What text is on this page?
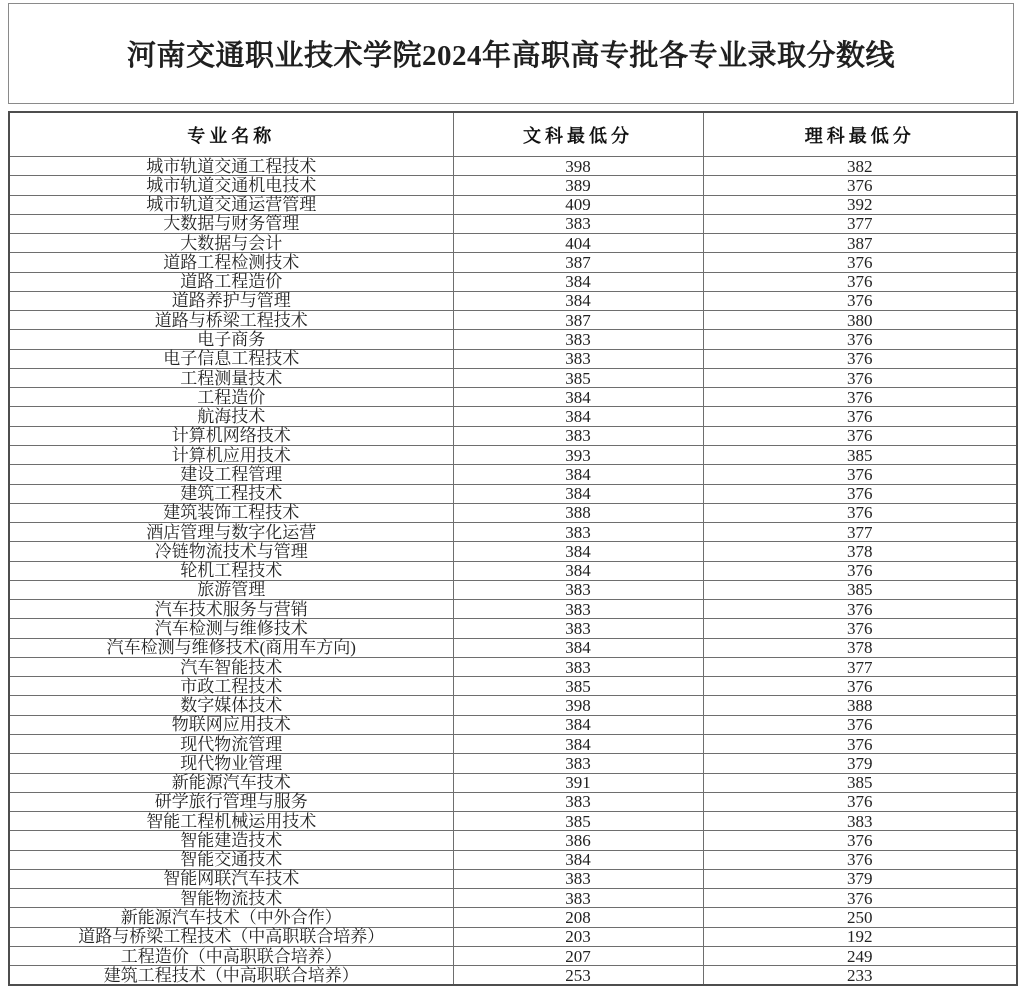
河南交通职业技术学院2024年高职高专批各专业录取分数线
专业名称	文科最低分	理科最低分
城市轨道交通工程技术	398	382
城市轨道交通机电技术	389	376
城市轨道交通运营管理	409	392
大数据与财务管理	383	377
大数据与会计	404	387
道路工程检测技术	387	376
道路工程造价	384	376
道路养护与管理	384	376
道路与桥梁工程技术	387	380
电子商务	383	376
电子信息工程技术	383	376
工程测量技术	385	376
工程造价	384	376
航海技术	384	376
计算机网络技术	383	376
计算机应用技术	393	385
建设工程管理	384	376
建筑工程技术	384	376
建筑装饰工程技术	388	376
酒店管理与数字化运营	383	377
冷链物流技术与管理	384	378
轮机工程技术	384	376
旅游管理	383	385
汽车技术服务与营销	383	376
汽车检测与维修技术	383	376
汽车检测与维修技术(商用车方向)	384	378
汽车智能技术	383	377
市政工程技术	385	376
数字媒体技术	398	388
物联网应用技术	384	376
现代物流管理	384	376
现代物业管理	383	379
新能源汽车技术	391	385
研学旅行管理与服务	383	376
智能工程机械运用技术	385	383
智能建造技术	386	376
智能交通技术	384	376
智能网联汽车技术	383	379
智能物流技术	383	376
新能源汽车技术（中外合作）	208	250
道路与桥梁工程技术（中高职联合培养）	203	192
工程造价（中高职联合培养）	207	249
建筑工程技术（中高职联合培养）	253	233
